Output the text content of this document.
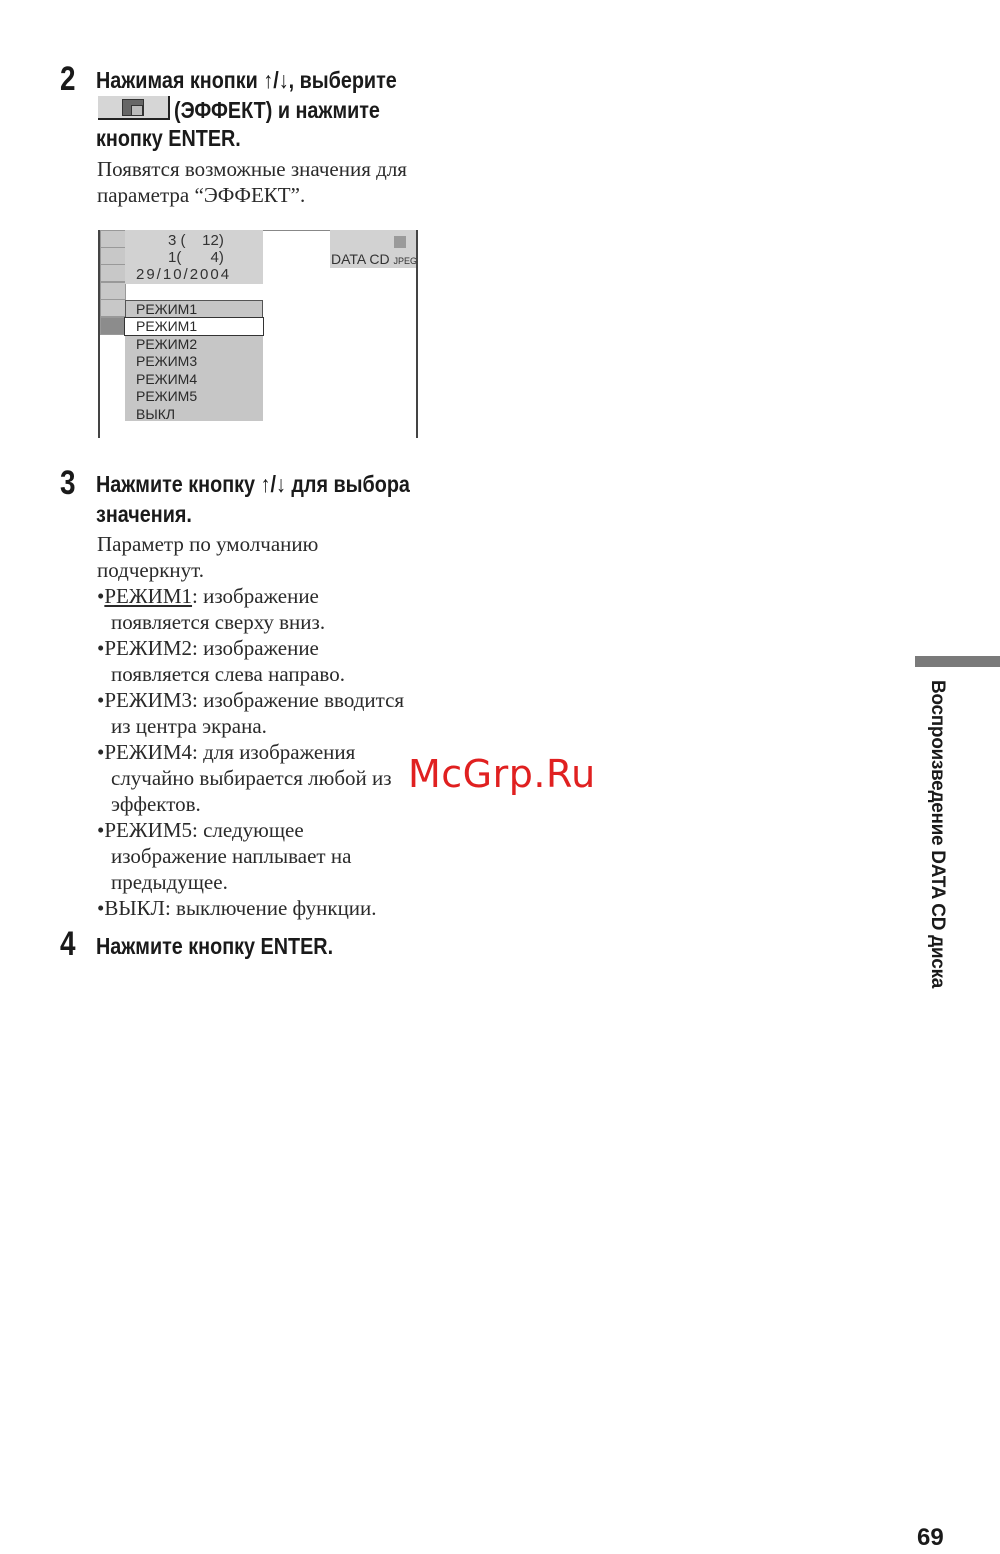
2 Нажимая кнопки ↑/↓, выберите
(ЭФФЕКТ) и нажмите
кнопку ENTER.
Появятся возможные значения для
параметра “ЭФФЕКТ”.
3 (    12)
1(       4)
29/10/2004
DATA CD JPEG
РЕЖИМ1
РЕЖИМ1
РЕЖИМ2
РЕЖИМ3
РЕЖИМ4
РЕЖИМ5
ВЫКЛ
3 Нажмите кнопку ↑/↓ для выбора
значения.
Параметр по умолчанию
подчеркнут.
•РЕЖИМ1: изображение
появляется сверху вниз.
•РЕЖИМ2: изображение
появляется слева направо.
•РЕЖИМ3: изображение вводится
из центра экрана.
•РЕЖИМ4: для изображения
случайно выбирается любой из
эффектов.
•РЕЖИМ5: следующее
изображение наплывает на
предыдущее.
•ВЫКЛ: выключение функции.
4 Нажмите кнопку ENTER.	Воспроизведение DATA CD диска
McGrp.Ru
69
